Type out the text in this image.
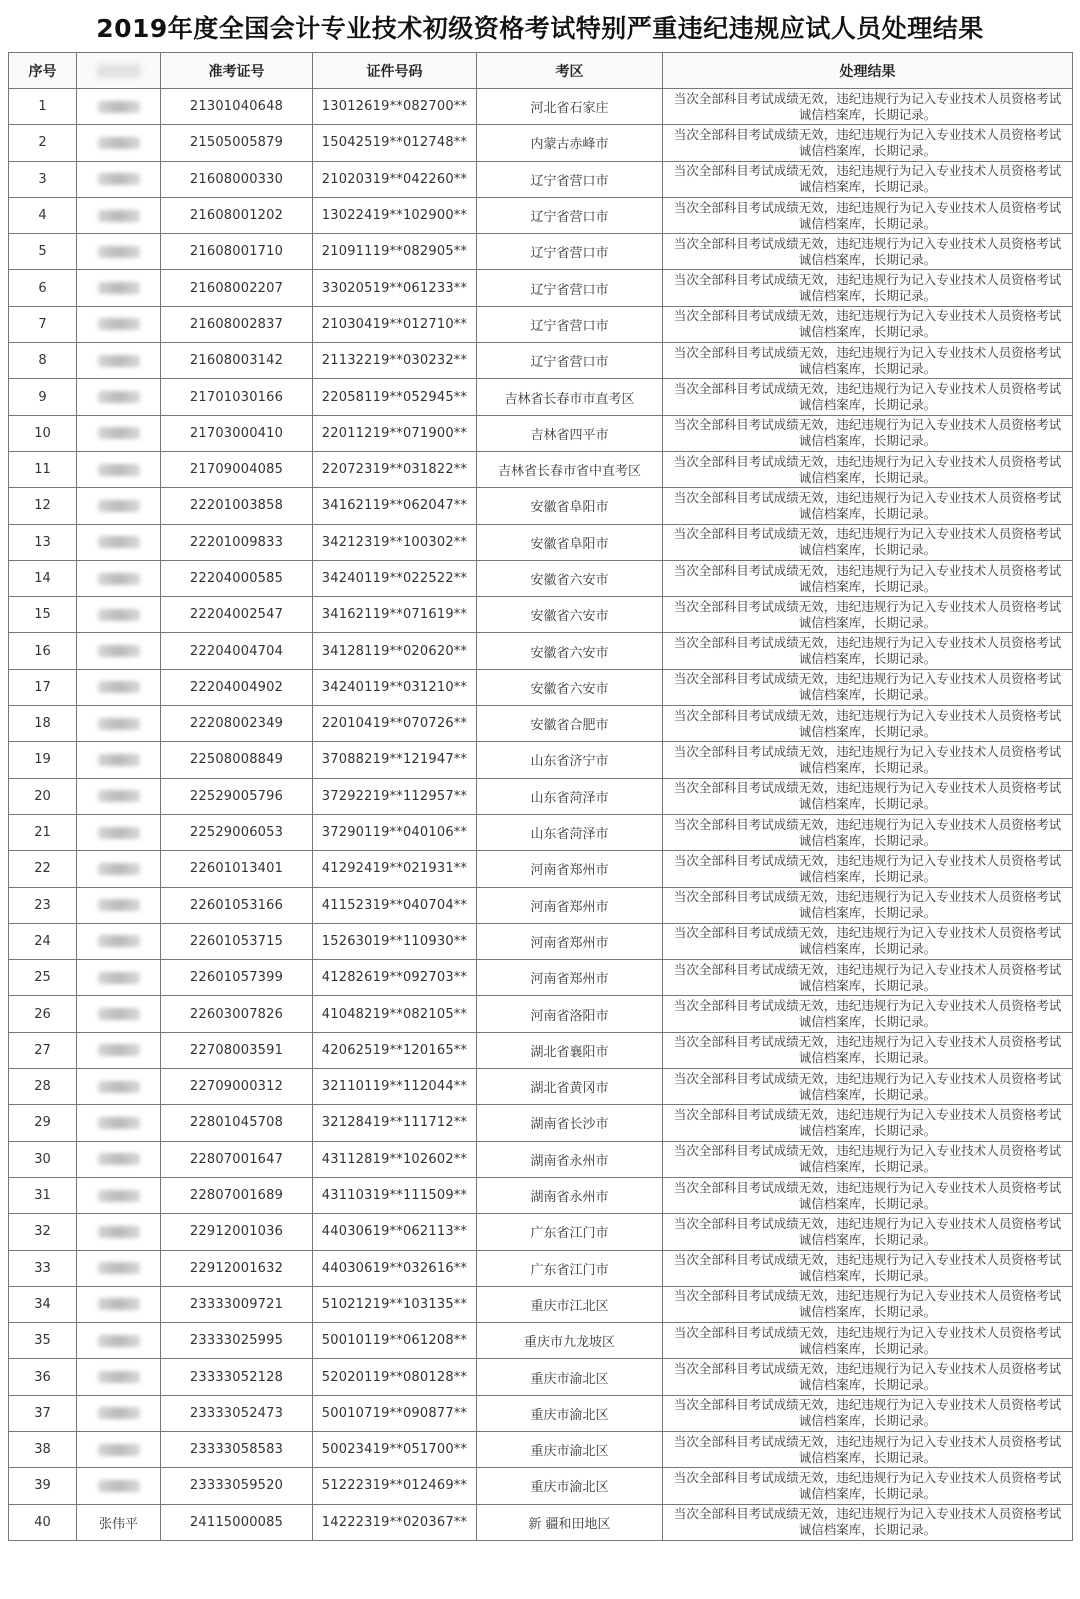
2019年度全国会计专业技术初级资格考试特别严重违纪违规应试人员处理结果
序号		准考证号	证件号码	考区	处理结果
1		21301040648	13012619**082700**	河北省石家庄	当次全部科目考试成绩无效，违纪违规行为记入专业技术人员资格考试诚信档案库，长期记录。
2		21505005879	15042519**012748**	内蒙古赤峰市	当次全部科目考试成绩无效，违纪违规行为记入专业技术人员资格考试诚信档案库，长期记录。
3		21608000330	21020319**042260**	辽宁省营口市	当次全部科目考试成绩无效，违纪违规行为记入专业技术人员资格考试诚信档案库，长期记录。
4		21608001202	13022419**102900**	辽宁省营口市	当次全部科目考试成绩无效，违纪违规行为记入专业技术人员资格考试诚信档案库，长期记录。
5		21608001710	21091119**082905**	辽宁省营口市	当次全部科目考试成绩无效，违纪违规行为记入专业技术人员资格考试诚信档案库，长期记录。
6		21608002207	33020519**061233**	辽宁省营口市	当次全部科目考试成绩无效，违纪违规行为记入专业技术人员资格考试诚信档案库，长期记录。
7		21608002837	21030419**012710**	辽宁省营口市	当次全部科目考试成绩无效，违纪违规行为记入专业技术人员资格考试诚信档案库，长期记录。
8		21608003142	21132219**030232**	辽宁省营口市	当次全部科目考试成绩无效，违纪违规行为记入专业技术人员资格考试诚信档案库，长期记录。
9		21701030166	22058119**052945**	吉林省长春市市直考区	当次全部科目考试成绩无效，违纪违规行为记入专业技术人员资格考试诚信档案库，长期记录。
10		21703000410	22011219**071900**	吉林省四平市	当次全部科目考试成绩无效，违纪违规行为记入专业技术人员资格考试诚信档案库，长期记录。
11		21709004085	22072319**031822**	吉林省长春市省中直考区	当次全部科目考试成绩无效，违纪违规行为记入专业技术人员资格考试诚信档案库，长期记录。
12		22201003858	34162119**062047**	安徽省阜阳市	当次全部科目考试成绩无效，违纪违规行为记入专业技术人员资格考试诚信档案库，长期记录。
13		22201009833	34212319**100302**	安徽省阜阳市	当次全部科目考试成绩无效，违纪违规行为记入专业技术人员资格考试诚信档案库，长期记录。
14		22204000585	34240119**022522**	安徽省六安市	当次全部科目考试成绩无效，违纪违规行为记入专业技术人员资格考试诚信档案库，长期记录。
15		22204002547	34162119**071619**	安徽省六安市	当次全部科目考试成绩无效，违纪违规行为记入专业技术人员资格考试诚信档案库，长期记录。
16		22204004704	34128119**020620**	安徽省六安市	当次全部科目考试成绩无效，违纪违规行为记入专业技术人员资格考试诚信档案库，长期记录。
17		22204004902	34240119**031210**	安徽省六安市	当次全部科目考试成绩无效，违纪违规行为记入专业技术人员资格考试诚信档案库，长期记录。
18		22208002349	22010419**070726**	安徽省合肥市	当次全部科目考试成绩无效，违纪违规行为记入专业技术人员资格考试诚信档案库，长期记录。
19		22508008849	37088219**121947**	山东省济宁市	当次全部科目考试成绩无效，违纪违规行为记入专业技术人员资格考试诚信档案库，长期记录。
20		22529005796	37292219**112957**	山东省菏泽市	当次全部科目考试成绩无效，违纪违规行为记入专业技术人员资格考试诚信档案库，长期记录。
21		22529006053	37290119**040106**	山东省菏泽市	当次全部科目考试成绩无效，违纪违规行为记入专业技术人员资格考试诚信档案库，长期记录。
22		22601013401	41292419**021931**	河南省郑州市	当次全部科目考试成绩无效，违纪违规行为记入专业技术人员资格考试诚信档案库，长期记录。
23		22601053166	41152319**040704**	河南省郑州市	当次全部科目考试成绩无效，违纪违规行为记入专业技术人员资格考试诚信档案库，长期记录。
24		22601053715	15263019**110930**	河南省郑州市	当次全部科目考试成绩无效，违纪违规行为记入专业技术人员资格考试诚信档案库，长期记录。
25		22601057399	41282619**092703**	河南省郑州市	当次全部科目考试成绩无效，违纪违规行为记入专业技术人员资格考试诚信档案库，长期记录。
26		22603007826	41048219**082105**	河南省洛阳市	当次全部科目考试成绩无效，违纪违规行为记入专业技术人员资格考试诚信档案库，长期记录。
27		22708003591	42062519**120165**	湖北省襄阳市	当次全部科目考试成绩无效，违纪违规行为记入专业技术人员资格考试诚信档案库，长期记录。
28		22709000312	32110119**112044**	湖北省黄冈市	当次全部科目考试成绩无效，违纪违规行为记入专业技术人员资格考试诚信档案库，长期记录。
29		22801045708	32128419**111712**	湖南省长沙市	当次全部科目考试成绩无效，违纪违规行为记入专业技术人员资格考试诚信档案库，长期记录。
30		22807001647	43112819**102602**	湖南省永州市	当次全部科目考试成绩无效，违纪违规行为记入专业技术人员资格考试诚信档案库，长期记录。
31		22807001689	43110319**111509**	湖南省永州市	当次全部科目考试成绩无效，违纪违规行为记入专业技术人员资格考试诚信档案库，长期记录。
32		22912001036	44030619**062113**	广东省江门市	当次全部科目考试成绩无效，违纪违规行为记入专业技术人员资格考试诚信档案库，长期记录。
33		22912001632	44030619**032616**	广东省江门市	当次全部科目考试成绩无效，违纪违规行为记入专业技术人员资格考试诚信档案库，长期记录。
34		23333009721	51021219**103135**	重庆市江北区	当次全部科目考试成绩无效，违纪违规行为记入专业技术人员资格考试诚信档案库，长期记录。
35		23333025995	50010119**061208**	重庆市九龙坡区	当次全部科目考试成绩无效，违纪违规行为记入专业技术人员资格考试诚信档案库，长期记录。
36		23333052128	52020119**080128**	重庆市渝北区	当次全部科目考试成绩无效，违纪违规行为记入专业技术人员资格考试诚信档案库，长期记录。
37		23333052473	50010719**090877**	重庆市渝北区	当次全部科目考试成绩无效，违纪违规行为记入专业技术人员资格考试诚信档案库，长期记录。
38		23333058583	50023419**051700**	重庆市渝北区	当次全部科目考试成绩无效，违纪违规行为记入专业技术人员资格考试诚信档案库，长期记录。
39		23333059520	51222319**012469**	重庆市渝北区	当次全部科目考试成绩无效，违纪违规行为记入专业技术人员资格考试诚信档案库，长期记录。
40	张伟平	24115000085	14222319**020367**	新 疆和田地区	当次全部科目考试成绩无效，违纪违规行为记入专业技术人员资格考试诚信档案库，长期记录。
